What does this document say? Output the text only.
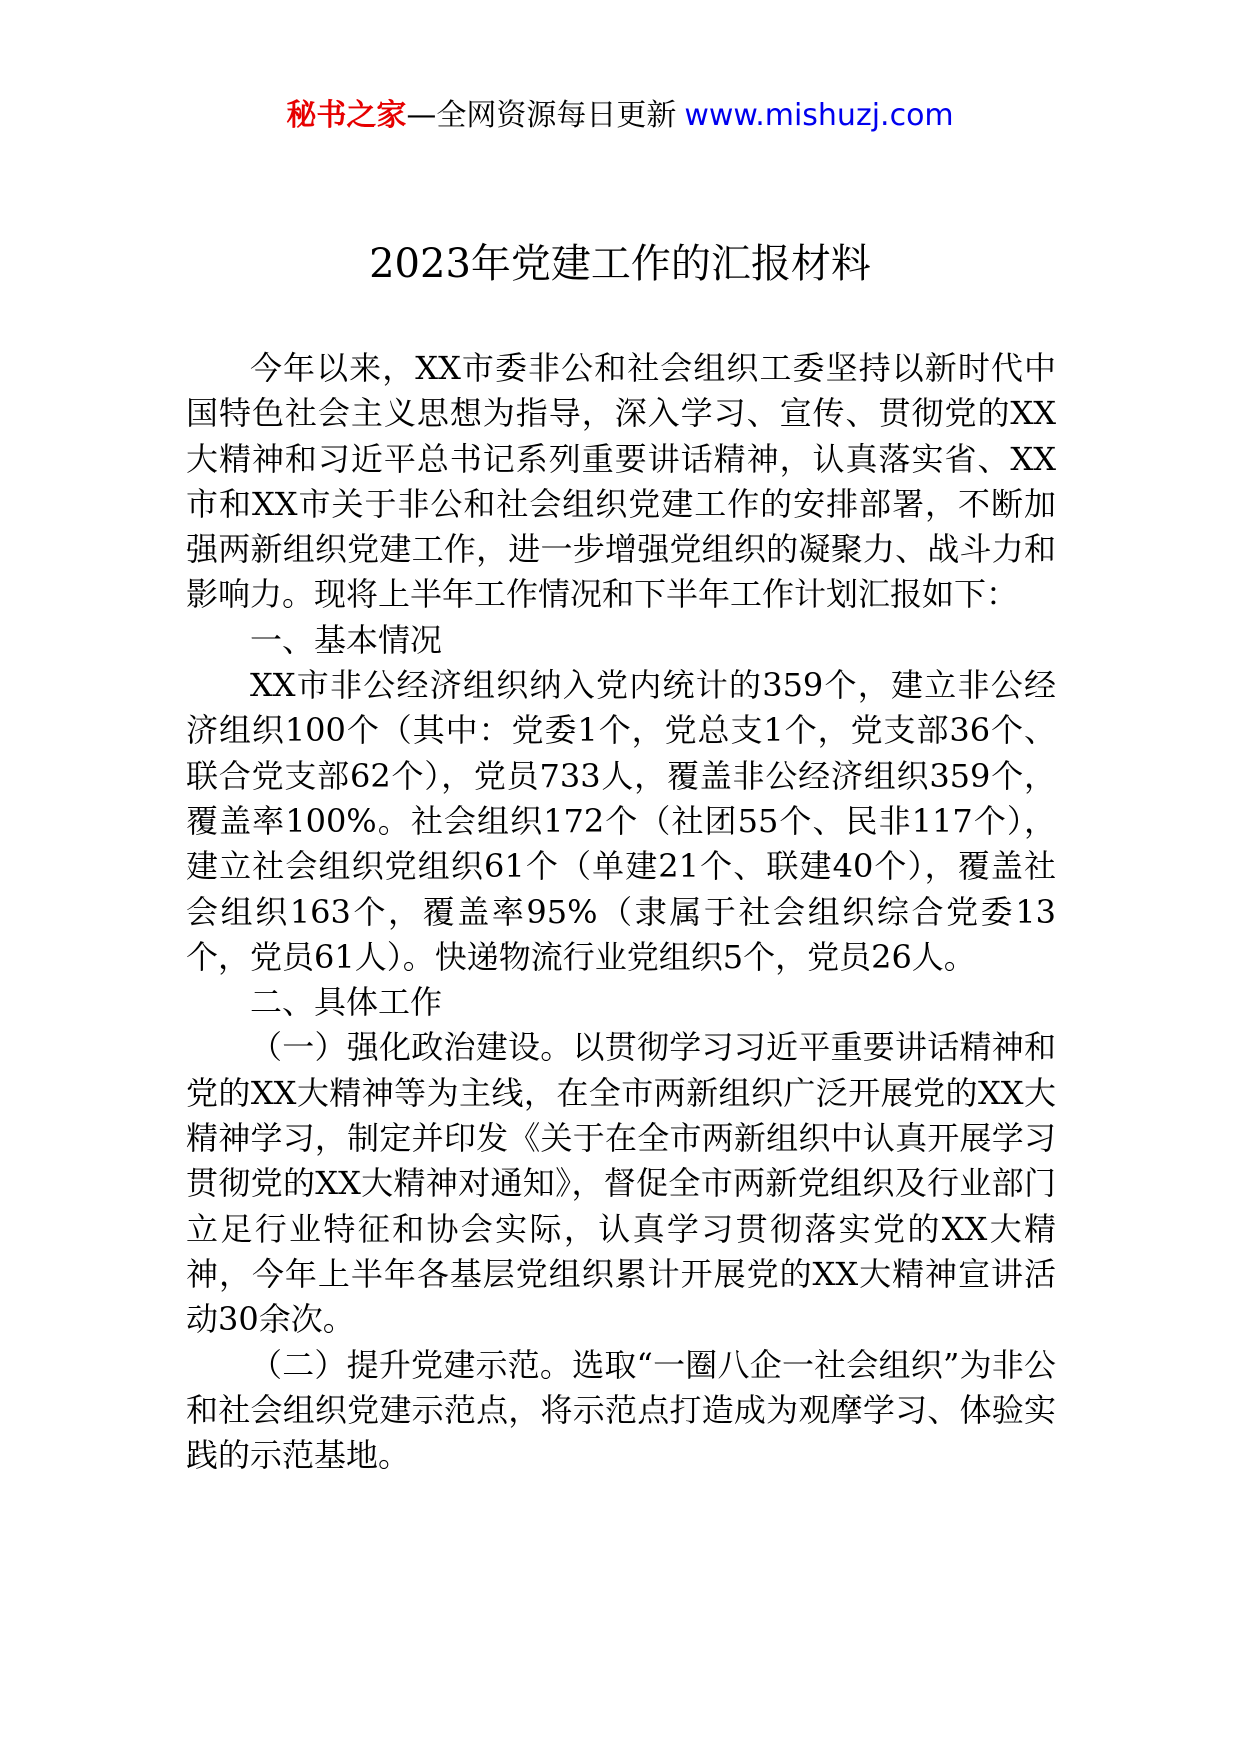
秘书之家—全网资源每日更新 www.mishuzj.com
2023年党建工作的汇报材料

今年以来，XX市委非公和社会组织工委坚持以新时代中国特色社会主义思想为指导，深入学习、宣传、贯彻党的XX大精神和习近平总书记系列重要讲话精神，认真落实省、XX市和XX市关于非公和社会组织党建工作的安排部署，不断加强两新组织党建工作，进一步增强党组织的凝聚力、战斗力和影响力。现将上半年工作情况和下半年工作计划汇报如下：

一、基本情况

XX市非公经济组织纳入党内统计的359个，建立非公经济组织100个（其中：党委1个，党总支1个，党支部36个、联合党支部62个），党员733人，覆盖非公经济组织359个，覆盖率100%。社会组织172个（社团55个、民非117个），建立社会组织党组织61个（单建21个、联建40个），覆盖社会组织163个，覆盖率95%（隶属于社会组织综合党委13个，党员61人）。快递物流行业党组织5个，党员26人。

二、具体工作

（一）强化政治建设。以贯彻学习习近平重要讲话精神和党的XX大精神等为主线，在全市两新组织广泛开展党的XX大精神学习，制定并印发《关于在全市两新组织中认真开展学习贯彻党的XX大精神对通知》，督促全市两新党组织及行业部门立足行业特征和协会实际，认真学习贯彻落实党的XX大精神，今年上半年各基层党组织累计开展党的XX大精神宣讲活动30余次。

（二）提升党建示范。选取“一圈八企一社会组织”为非公和社会组织党建示范点，将示范点打造成为观摩学习、体验实践的示范基地。
